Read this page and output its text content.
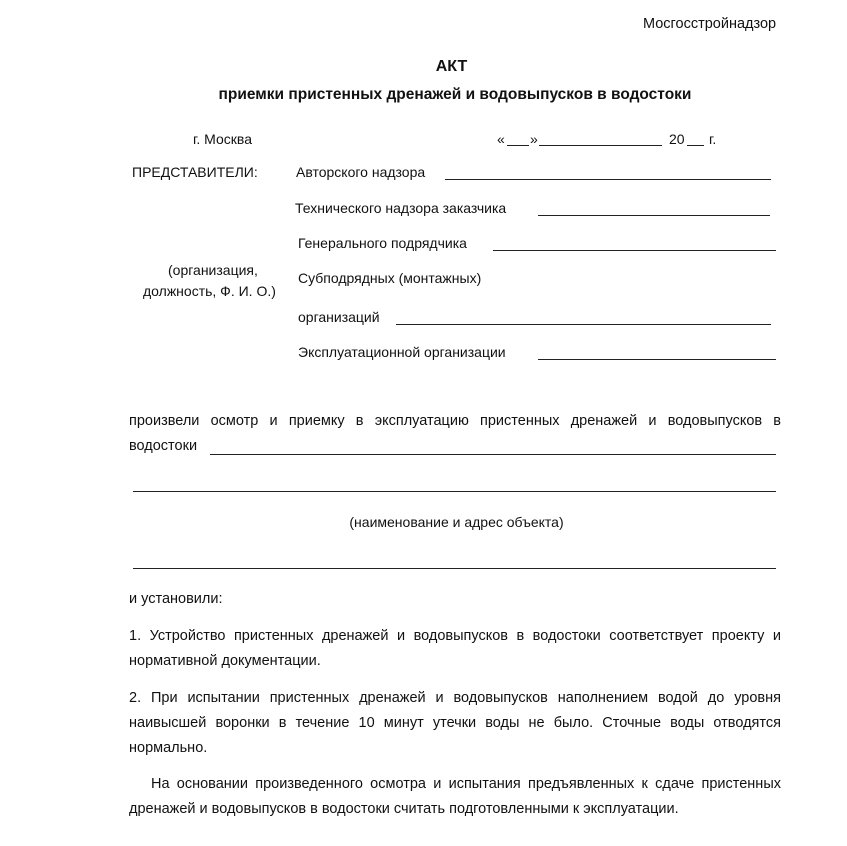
Мосгосстройнадзор
АКТ
приемки пристенных дренажей и водовыпусков в водостоки
г. Москва	« »	20 г.
ПРЕДСТАВИТЕЛИ:
(организация,
должность, Ф. И. О.)
Авторского надзора
Технического надзора заказчика
Генерального подрядчика
Субподрядных (монтажных)
организаций
Эксплуатационной организации
произвели осмотр и приемку в эксплуатацию пристенных дренажей и водовыпусков в
водостоки
(наименование и адрес объекта)
и установили:
1. Устройство пристенных дренажей и водовыпусков в водостоки соответствует проекту и нормативной документации.
2. При испытании пристенных дренажей и водовыпусков наполнением водой до уровня наивысшей воронки в течение 10 минут утечки воды не было. Сточные воды отводятся нормально.
На основании произведенного осмотра и испытания предъявленных к сдаче пристенных дренажей и водовыпусков в водостоки считать подготовленными к эксплуатации.
